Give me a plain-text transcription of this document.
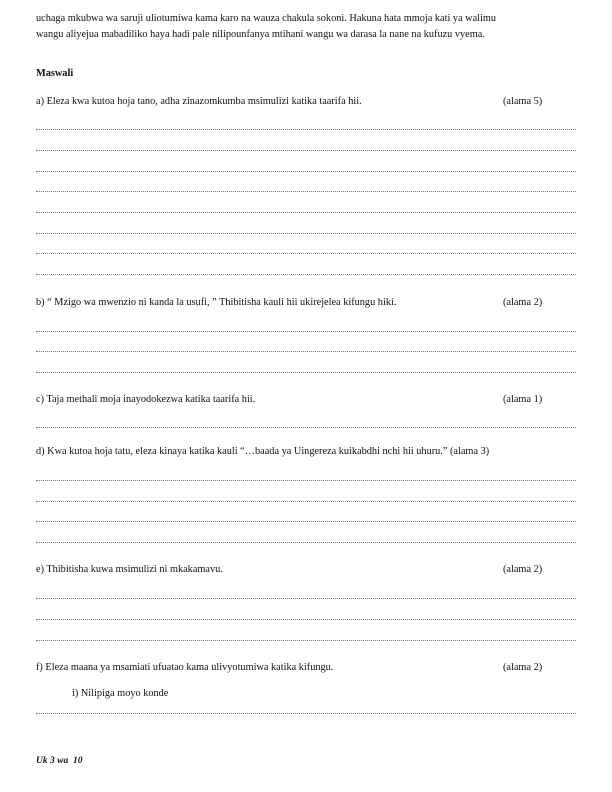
uchaga mkubwa wa saruji uliotumiwa kama karo na wauza chakula sokoni. Hakuna hata mmoja kati ya walimu
wangu aliyejua mabadiliko haya hadi pale nilipounfanya mtihani wangu wa darasa la nane na kufuzu vyema.
Maswali
a) Eleza kwa kutoa hoja tano, adha zinazomkumba msimulizi katika taarifa hii.	(alama 5)
b) “ Mzigo wa mwenzio ni kanda la usufi, ” Thibitisha kauli hii ukirejelea kifungu hiki.	(alama 2)
c) Taja methali moja inayodokezwa katika taarifa hii.	(alama 1)
d) Kwa kutoa hoja tatu, eleza kinaya katika kauli “…baada ya Uingereza kuikabdhi nchi hii uhuru.” (alama 3)
e) Thibitisha kuwa msimulizi ni mkakamavu.	(alama 2)
f) Eleza maana ya msamiati ufuatao kama ulivyotumiwa katika kifungu.	(alama 2)
i) Nilipiga moyo konde
Uk 3 wa  10
